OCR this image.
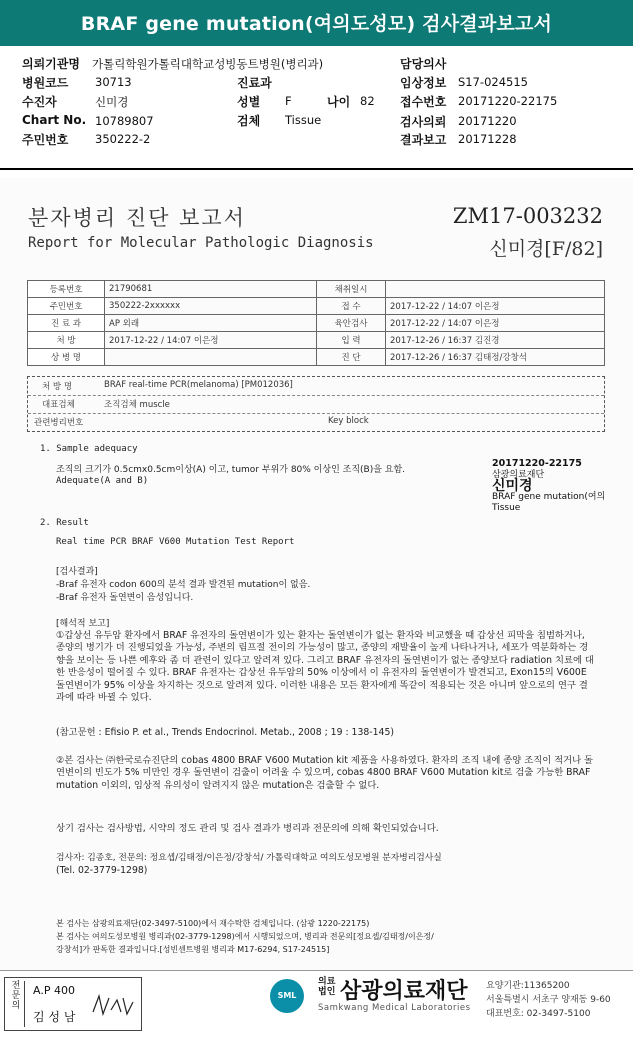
BRAF gene mutation(여의도성모) 검사결과보고서
의뢰기관명 가톨릭학원가톨릭대학교성빙동트병원(병리과)	담당의사
병원코드 30713	진료과	임상정보 S17-024515
수진자	신미경	성별 F	나이 82 접수번호 20171220-22175
Chart No. 10789807	검체 Tissue	검사의뢰 20171220
주민번호 350222-2	결과보고 20171228
분자병리 진단 보고서
Report for Molecular Pathologic Diagnosis
ZM17-003232
신미경[F/82]
등록번호	21790681	채취일시	
주민번호	350222-2xxxxxx	접 수	2017-12-22 / 14:07 이은정
진 료 과	AP 외래	육안검사	2017-12-22 / 14:07 이은정
처 방	2017-12-22 / 14:07 이은정	입 력	2017-12-26 / 16:37 김진경
상 병 명		진 단	2017-12-26 / 16:37 김태정/강창석
처 방 명	BRAF real-time PCR(melanoma) [PM012036]
대표검체	조직검체 muscle
관련병리번호	Key block
1. Sample adequacy
조직의 크기가 0.5cmx0.5cm이상(A) 이고, tumor 부위가 80% 이상인 조직(B)을 요함.
Adequate(A and B)
20171220-22175
삼광의료재단
신미경
BRAF gene mutation(여의
Tissue
2. Result
Real time PCR BRAF V600 Mutation Test Report
[검사결과]
-Braf 유전자 codon 600의 분석 결과 발견된 mutation이 없음.
-Braf 유전자 돌연변이 음성입니다.
[해석적 보고]
①갑상선 유두암 환자에서 BRAF 유전자의 돌연변이가 있는 환자는 돌연변이가 없는 환자와 비교했을 때 갑상선 피막을 침범하거나, 종양의 병기가 더 진행되었을 가능성, 주변의 림프절 전이의 가능성이 많고, 종양의 재발율이 높게 나타나거나, 세포가 역분화하는 경향을 보이는 등 나쁜 예후와 좀 더 관련이 있다고 알려져 있다. 그리고 BRAF 유전자의 돌연변이가 없는 종양보다 radiation 치료에 대한 반응성이 떨어질 수 있다. BRAF 유전자는 갑상선 유두암의 50% 이상에서 이 유전자의 돌연변이가 발견되고, Exon15의 V600E 돌연변이가 95% 이상을 차지하는 것으로 알려져 있다. 이러한 내용은 모든 환자에게 똑같이 적용되는 것은 아니며 앞으로의 연구 결과에 따라 바뀔 수 있다.
(참고문헌 : Efisio P. et al., Trends Endocrinol. Metab., 2008 ; 19 : 138-145)
②본 검사는 ㈜한국로슈진단의 cobas 4800 BRAF V600 Mutation kit 제품을 사용하였다. 환자의 조직 내에 종양 조직이 적거나 돌연변이의 빈도가 5% 미만인 경우 돌연변이 검출이 어려울 수 있으며, cobas 4800 BRAF V600 Mutation kit로 검출 가능한 BRAF mutation 이외의, 임상적 유의성이 알려지지 않은 mutation은 검출할 수 없다.
상기 검사는 검사방법, 시약의 정도 관리 및 검사 결과가 병리과 전문의에 의해 확인되었습니다.
검사자: 김종호, 전문의: 정요셉/김태정/이은정/강창석/ 가톨릭대학교 여의도성모병원 분자병리검사실
(Tel. 02-3779-1298)
본 검사는 삼광의료재단(02-3497-5100)에서 재수탁한 검체입니다. (삼광 1220-22175)
본 검사는 여의도성모병원 병리과(02-3779-1298)에서 시행되었으며, 병리과 전문의[정요셉/김태정/이은정/
강창석]가 판독한 결과입니다.[성빈센트병원 병리과 M17-6294, S17-24515]
전문의
A.P 400
김 성 남
SML
의료
법인 삼광의료재단
Samkwang Medical Laboratories
요양기관:11365200
서울특별시 서초구 양재동 9-60
대표번호: 02-3497-5100
